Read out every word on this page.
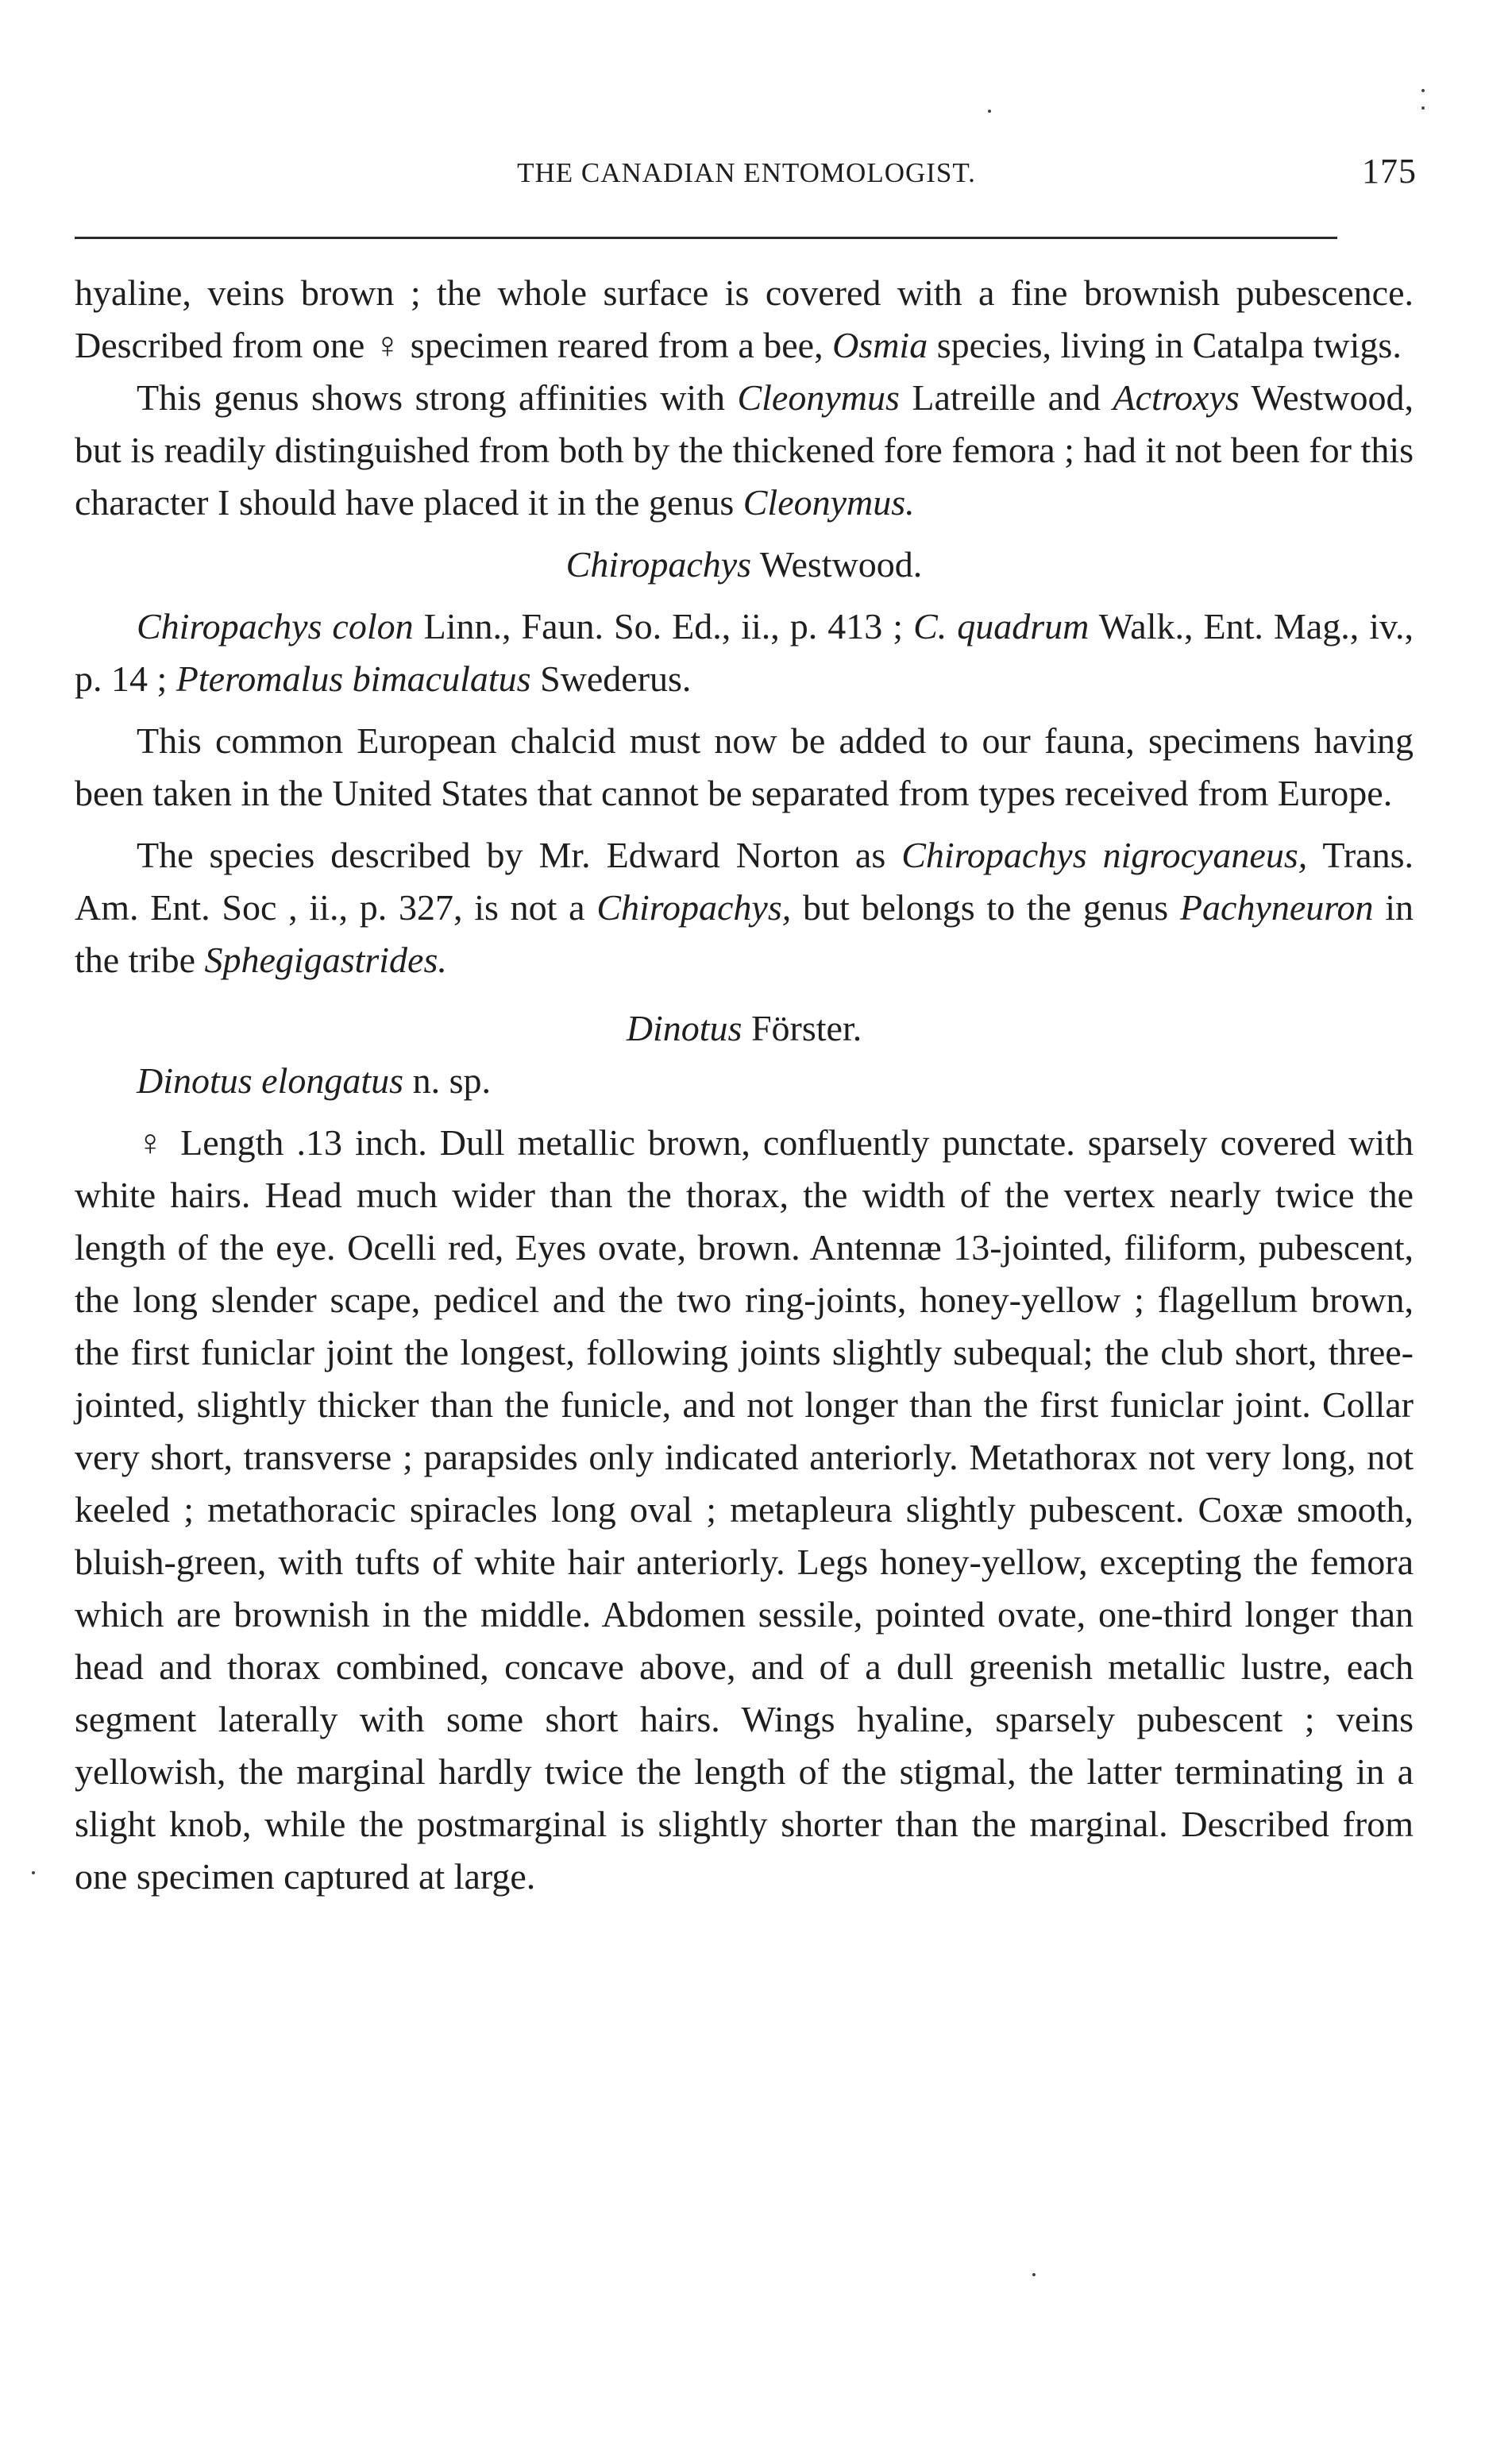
THE CANADIAN ENTOMOLOGIST.	175

hyaline, veins brown ; the whole surface is covered with a fine brownish pubescence. Described from one ♀ specimen reared from a bee, Osmia species, living in Catalpa twigs.

This genus shows strong affinities with Cleonymus Latreille and Actroxys Westwood, but is readily distinguished from both by the thickened fore femora ; had it not been for this character I should have placed it in the genus Cleonymus.

Chiropachys Westwood.

Chiropachys colon Linn., Faun. So. Ed., ii., p. 413 ; C. quadrum Walk., Ent. Mag., iv., p. 14 ; Pteromalus bimaculatus Swederus.

This common European chalcid must now be added to our fauna, specimens having been taken in the United States that cannot be separated from types received from Europe.

The species described by Mr. Edward Norton as Chiropachys nigrocyaneus, Trans. Am. Ent. Soc , ii., p. 327, is not a Chiropachys, but belongs to the genus Pachyneuron in the tribe Sphegigastrides.

Dinotus Förster.

Dinotus elongatus n. sp.

♀ Length .13 inch. Dull metallic brown, confluently punctate. sparsely covered with white hairs. Head much wider than the thorax, the width of the vertex nearly twice the length of the eye. Ocelli red, Eyes ovate, brown. Antennæ 13-jointed, filiform, pubescent, the long slender scape, pedicel and the two ring-joints, honey-yellow ; flagellum brown, the first funiclar joint the longest, following joints slightly subequal; the club short, three-jointed, slightly thicker than the funicle, and not longer than the first funiclar joint. Collar very short, transverse ; parapsides only indicated anteriorly. Metathorax not very long, not keeled ; metathoracic spiracles long oval ; metapleura slightly pubescent. Coxæ smooth, bluish-green, with tufts of white hair anteriorly. Legs honey-yellow, excepting the femora which are brownish in the middle. Abdomen sessile, pointed ovate, one-third longer than head and thorax combined, concave above, and of a dull greenish metallic lustre, each segment laterally with some short hairs. Wings hyaline, sparsely pubescent ; veins yellowish, the marginal hardly twice the length of the stigmal, the latter terminating in a slight knob, while the postmarginal is slightly shorter than the marginal. Described from one specimen captured at large.
